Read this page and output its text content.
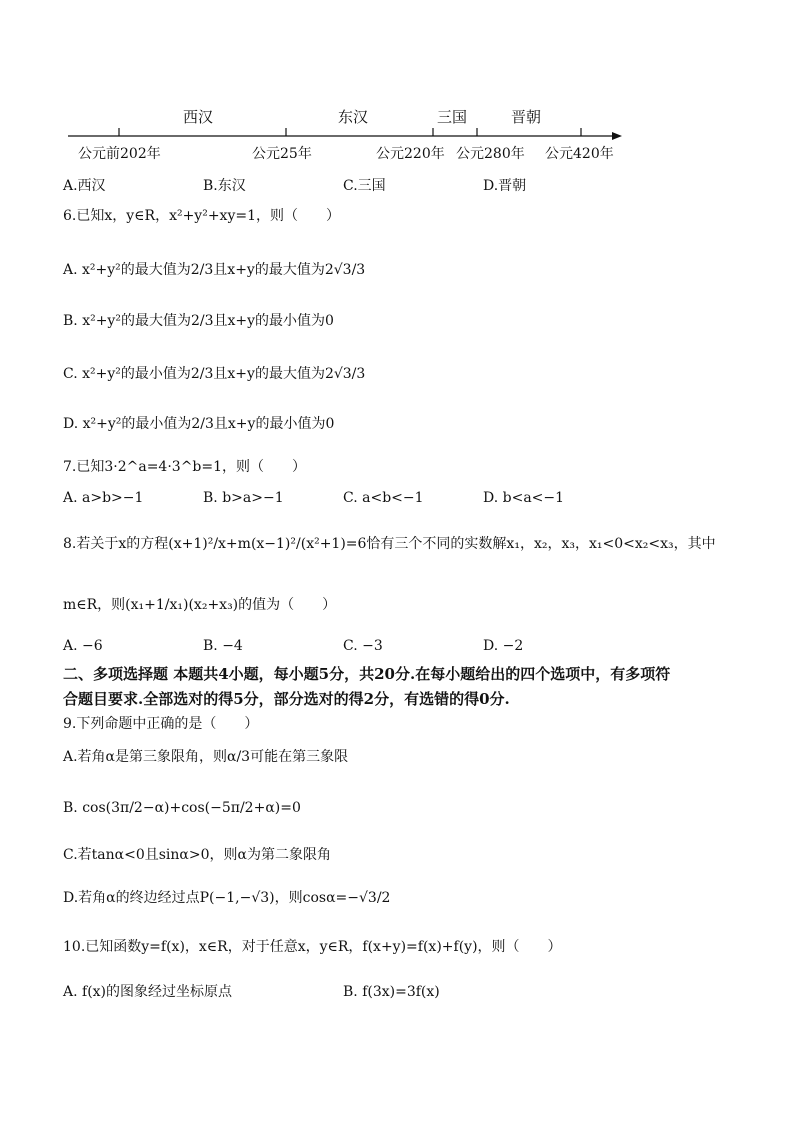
西汉	东汉	三国	晋朝
公元前202年	公元25年	公元220年 公元280年 公元420年
A.西汉	B.东汉	C.三国	D.晋朝
6.已知x，y∈R，x²+y²+xy=1，则（　　）
A. x²+y²的最大值为2/3且x+y的最大值为2√3/3
B. x²+y²的最大值为2/3且x+y的最小值为0
C. x²+y²的最小值为2/3且x+y的最大值为2√3/3
D. x²+y²的最小值为2/3且x+y的最小值为0
7.已知3·2^a=4·3^b=1，则（　　）
A. a>b>−1	B. b>a>−1	C. a<b<−1	D. b<a<−1
8.若关于x的方程(x+1)²/x+m(x−1)²/(x²+1)=6恰有三个不同的实数解x₁，x₂，x₃，x₁<0<x₂<x₃，其中
m∈R，则(x₁+1/x₁)(x₂+x₃)的值为（　　）
A. −6	B. −4	C. −3	D. −2
二、多项选择题 本题共4小题，每小题5分，共20分.在每小题给出的四个选项中，有多项符
合题目要求.全部选对的得5分，部分选对的得2分，有选错的得0分.
9.下列命题中正确的是（　　）
A.若角α是第三象限角，则α/3可能在第三象限
B. cos(3π/2−α)+cos(−5π/2+α)=0
C.若tanα<0且sinα>0，则α为第二象限角
D.若角α的终边经过点P(−1,−√3)，则cosα=−√3/2
10.已知函数y=f(x)，x∈R，对于任意x，y∈R，f(x+y)=f(x)+f(y)，则（　　）
A. f(x)的图象经过坐标原点	B. f(3x)=3f(x)
